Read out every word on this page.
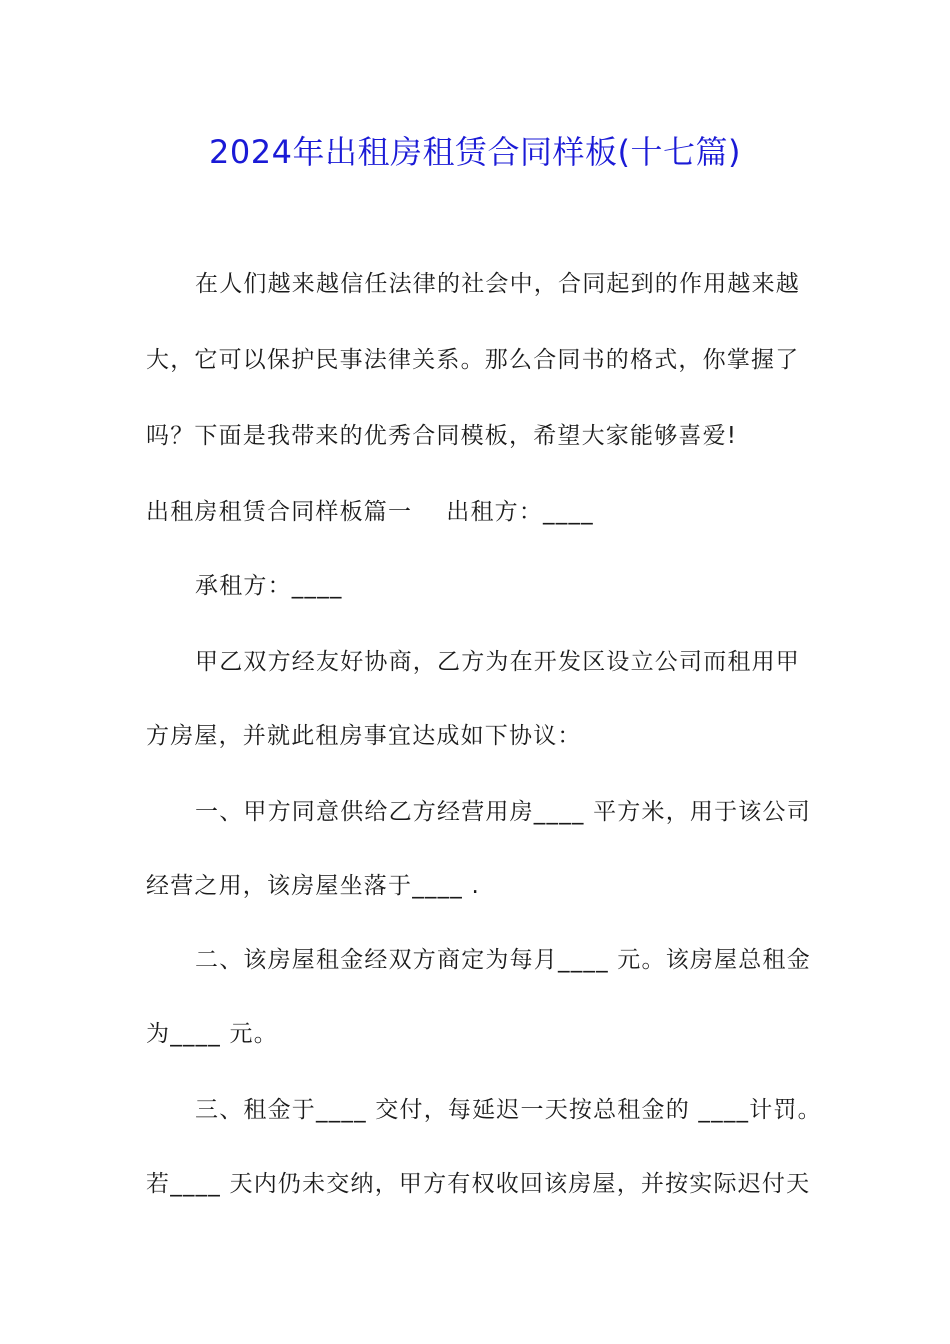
2024年出租房租赁合同样板(十七篇)
在人们越来越信任法律的社会中，合同起到的作用越来越
大，它可以保护民事法律关系。那么合同书的格式，你掌握了
吗？下面是我带来的优秀合同模板，希望大家能够喜爱!
出租房租赁合同样板篇一    出租方：____
承租方：____
甲乙双方经友好协商，乙方为在开发区设立公司而租用甲
方房屋，并就此租房事宜达成如下协议：
一、甲方同意供给乙方经营用房____ 平方米，用于该公司
经营之用，该房屋坐落于____ .
二、该房屋租金经双方商定为每月____ 元。该房屋总租金
为____ 元。
三、租金于____ 交付，每延迟一天按总租金的 ____计罚。
若____ 天内仍未交纳，甲方有权收回该房屋，并按实际迟付天
